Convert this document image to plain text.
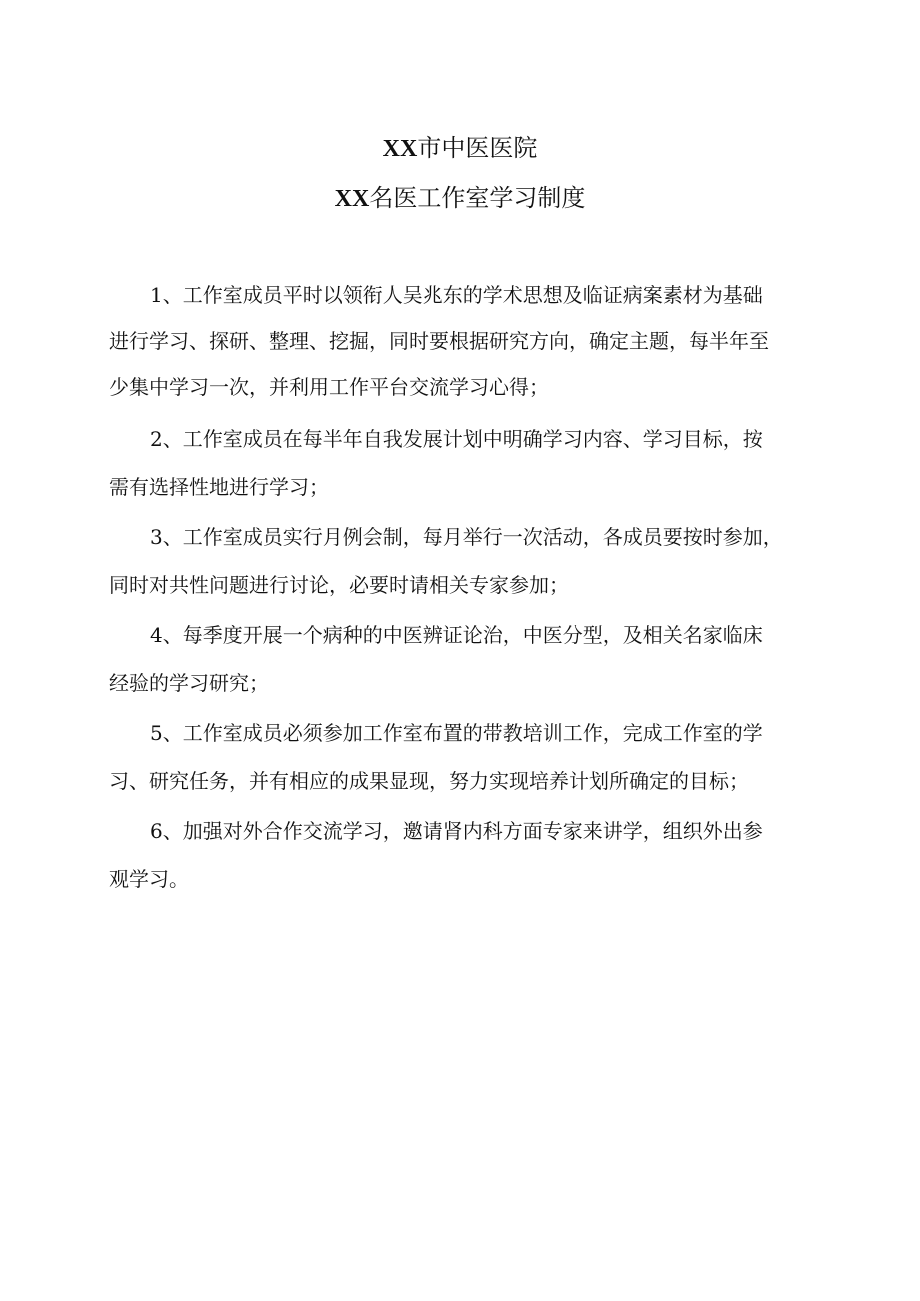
XX市中医医院
XX名医工作室学习制度
1、工作室成员平时以领衔人吴兆东的学术思想及临证病案素材为基础
进行学习、探研、整理、挖掘，同时要根据研究方向，确定主题，每半年至
少集中学习一次，并利用工作平台交流学习心得；
2、工作室成员在每半年自我发展计划中明确学习内容、学习目标，按
需有选择性地进行学习；
3、工作室成员实行月例会制，每月举行一次活动，各成员要按时参加，
同时对共性问题进行讨论，必要时请相关专家参加；
4、每季度开展一个病种的中医辨证论治，中医分型，及相关名家临床
经验的学习研究；
5、工作室成员必须参加工作室布置的带教培训工作，完成工作室的学
习、研究任务，并有相应的成果显现，努力实现培养计划所确定的目标；
6、加强对外合作交流学习，邀请肾内科方面专家来讲学，组织外出参
观学习。
